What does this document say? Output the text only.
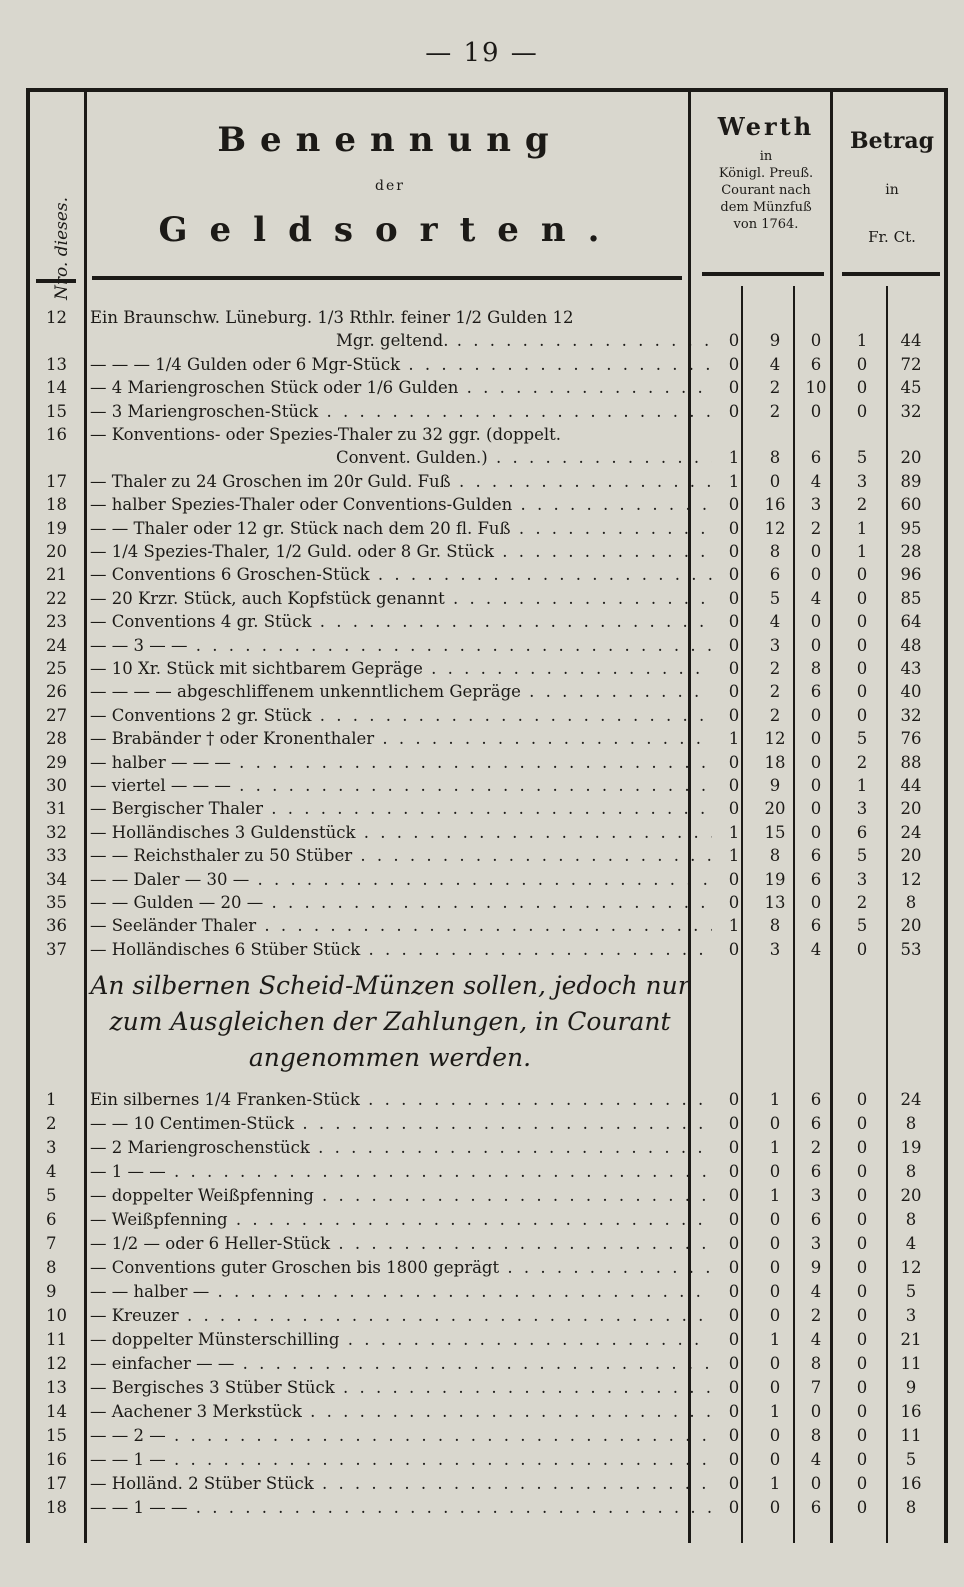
— 19 —
Nro. dieses.
Benennung
der
Geldsorten.
Werth
in
Königl. Preuß.
Courant nach
dem Münzfuß
von 1764.
Betrag
in
Fr. Ct.
12	Ein Braunschw. Lüneburg. 1/3 Rthlr. feiner 1/2 Gulden 12
Mgr. geltend. . . .	0	9	0	1	44
13	— — — 1/4 Gulden oder 6 Mgr-Stück . . .	0	4	6	0	72
14	— 4 Mariengroschen Stück oder 1/6 Gulden . . .	0	2	10	0	45
15	— 3 Mariengroschen-Stück . . .	0	2	0	0	32
16	— Konventions- oder Spezies-Thaler zu 32 ggr. (doppelt.
Convent. Gulden.) . . .	1	8	6	5	20
17	— Thaler zu 24 Groschen im 20r Guld. Fuß . . .	1	0	4	3	89
18	— halber Spezies-Thaler oder Conventions-Gulden . . .	0	16	3	2	60
19	— — Thaler oder 12 gr. Stück nach dem 20 fl. Fuß . . .	0	12	2	1	95
20	— 1/4 Spezies-Thaler, 1/2 Guld. oder 8 Gr. Stück . . .	0	8	0	1	28
21	— Conventions 6 Groschen-Stück . . .	0	6	0	0	96
22	— 20 Krzr. Stück, auch Kopfstück genannt . . .	0	5	4	0	85
23	— Conventions 4 gr. Stück . . .	0	4	0	0	64
24	— — 3 — — . . .	0	3	0	0	48
25	— 10 Xr. Stück mit sichtbarem Gepräge . . .	0	2	8	0	43
26	— — — — abgeschliffenem unkenntlichem Gepräge . . .	0	2	6	0	40
27	— Conventions 2 gr. Stück . . .	0	2	0	0	32
28	— Brabänder † oder Kronenthaler . . .	1	12	0	5	76
29	— halber — — — . . .	0	18	0	2	88
30	— viertel — — — . . .	0	9	0	1	44
31	— Bergischer Thaler . . .	0	20	0	3	20
32	— Holländisches 3 Guldenstück . . .	1	15	0	6	24
33	— — Reichsthaler zu 50 Stüber . . .	1	8	6	5	20
34	— — Daler — 30 — . . .	0	19	6	3	12
35	— — Gulden — 20 — . . .	0	13	0	2	8
36	— Seeländer Thaler . . .	1	8	6	5	20
37	— Holländisches 6 Stüber Stück . . .	0	3	4	0	53
An silbernen Scheid-Münzen sollen, jedoch nur zum Ausgleichen der Zahlungen, in Courant angenommen werden.
1	Ein silbernes 1/4 Franken-Stück . . .	0	1	6	0	24
2	— — 10 Centimen-Stück . . .	0	0	6	0	8
3	— 2 Mariengroschenstück . . .	0	1	2	0	19
4	— 1 — — . . .	0	0	6	0	8
5	— doppelter Weißpfenning . . .	0	1	3	0	20
6	— Weißpfenning . . .	0	0	6	0	8
7	— 1/2 — oder 6 Heller-Stück . . .	0	0	3	0	4
8	— Conventions guter Groschen bis 1800 geprägt . . .	0	0	9	0	12
9	— — halber — . . .	0	0	4	0	5
10	— Kreuzer . . .	0	0	2	0	3
11	— doppelter Münsterschilling . . .	0	1	4	0	21
12	— einfacher — — . . .	0	0	8	0	11
13	— Bergisches 3 Stüber Stück . . .	0	0	7	0	9
14	— Aachener 3 Merkstück . . .	0	1	0	0	16
15	— — 2 — . . .	0	0	8	0	11
16	— — 1 — . . .	0	0	4	0	5
17	— Holländ. 2 Stüber Stück . . .	0	1	0	0	16
18	— — 1 — — . . .	0	0	6	0	8
